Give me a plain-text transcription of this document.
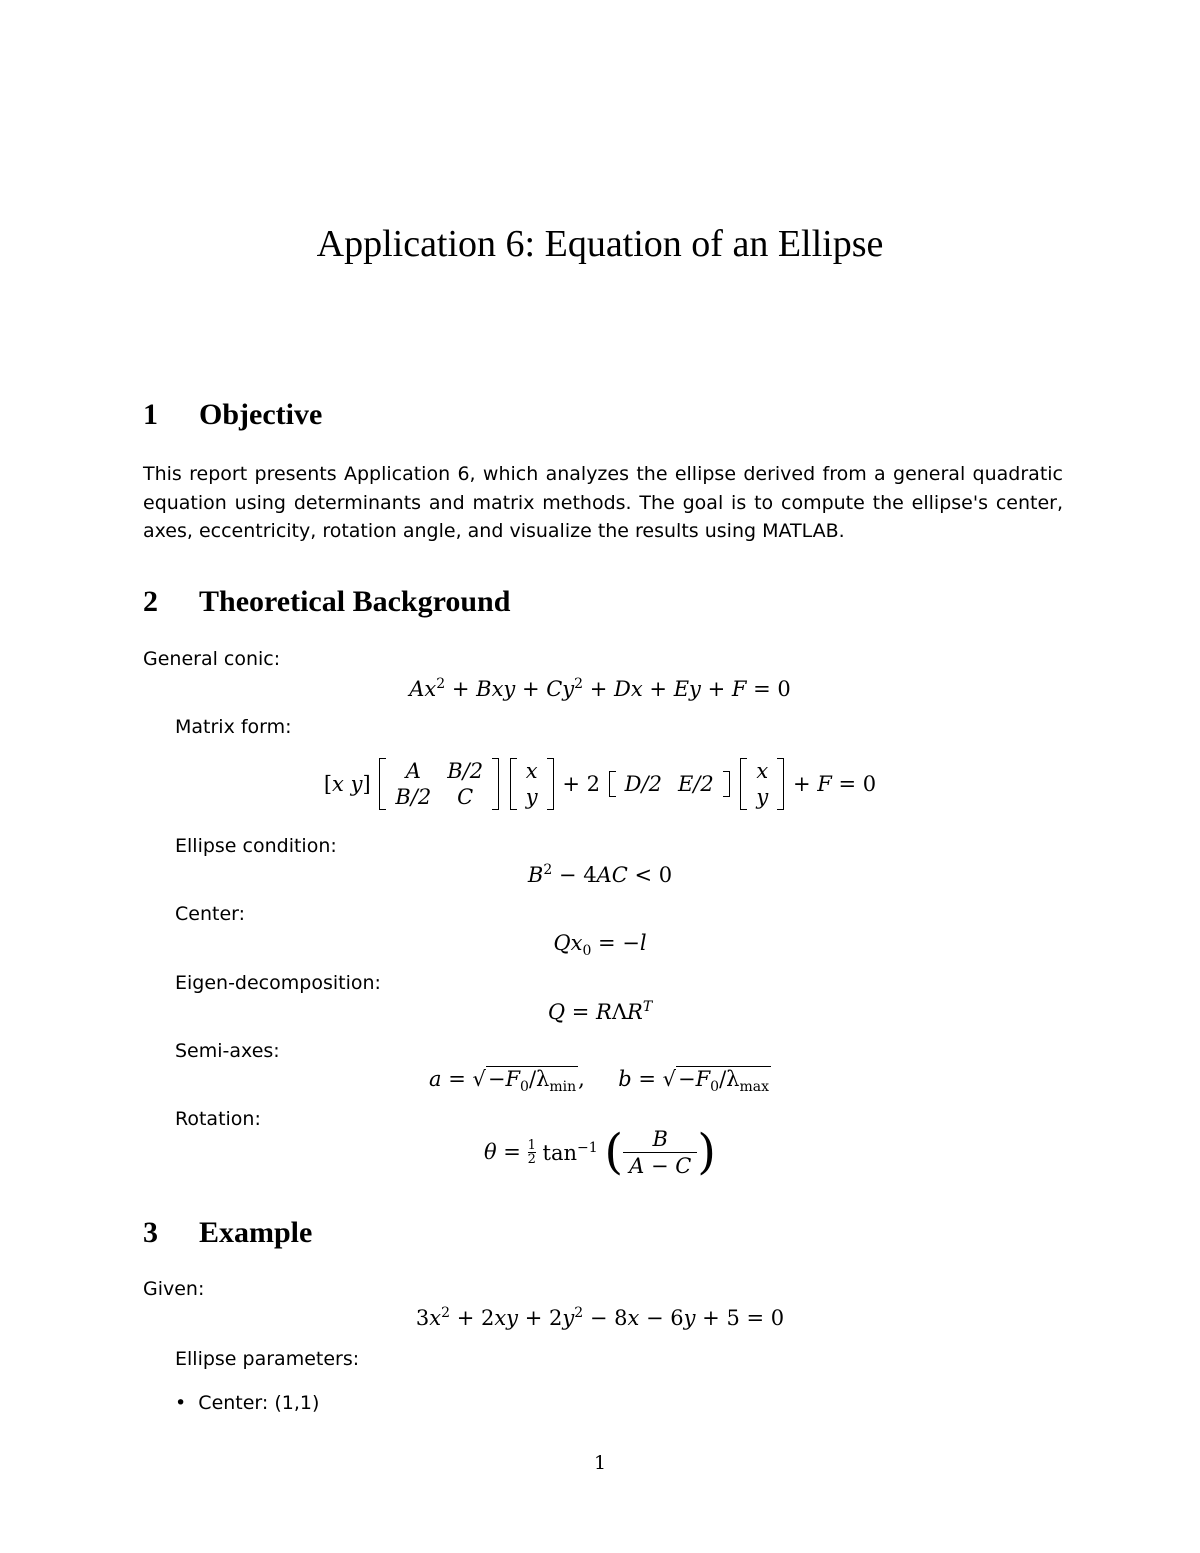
Application 6: Equation of an Ellipse
1 Objective
This report presents Application 6, which analyzes the ellipse derived from a general quadratic equation using determinants and matrix methods. The goal is to compute the ellipse's center, axes, eccentricity, rotation angle, and visualize the results using MATLAB.
2 Theoretical Background
General conic:
$Ax^2$ + Bxy + $Cy^2 + Dx + Ey + F = 0$
Matrix form:
[x y]
A	B/2
B/2	C

x
y
+ 2 D/2	E/2

x
y
+ F = 0
Ellipse condition:
$B^2 - 4AC < 0$
Center:
$Qx_0 = -l$
Eigen-decomposition:
$Q = R\Lambda R^T$
Semi-axes:
$a = √-F_0/\lambda_{min}$,     $b = √-F_0/\lambda_{max}$
Rotation:
$\theta = \frac{1}{2} \tan^{-1}$ ( $\frac{B}{A - C}$ )
3 Example
Given:
$3x^2 + 2xy + 2y^2 - 8x - 6y + 5 = 0$
Ellipse parameters:
•  Center: (1,1)
1
